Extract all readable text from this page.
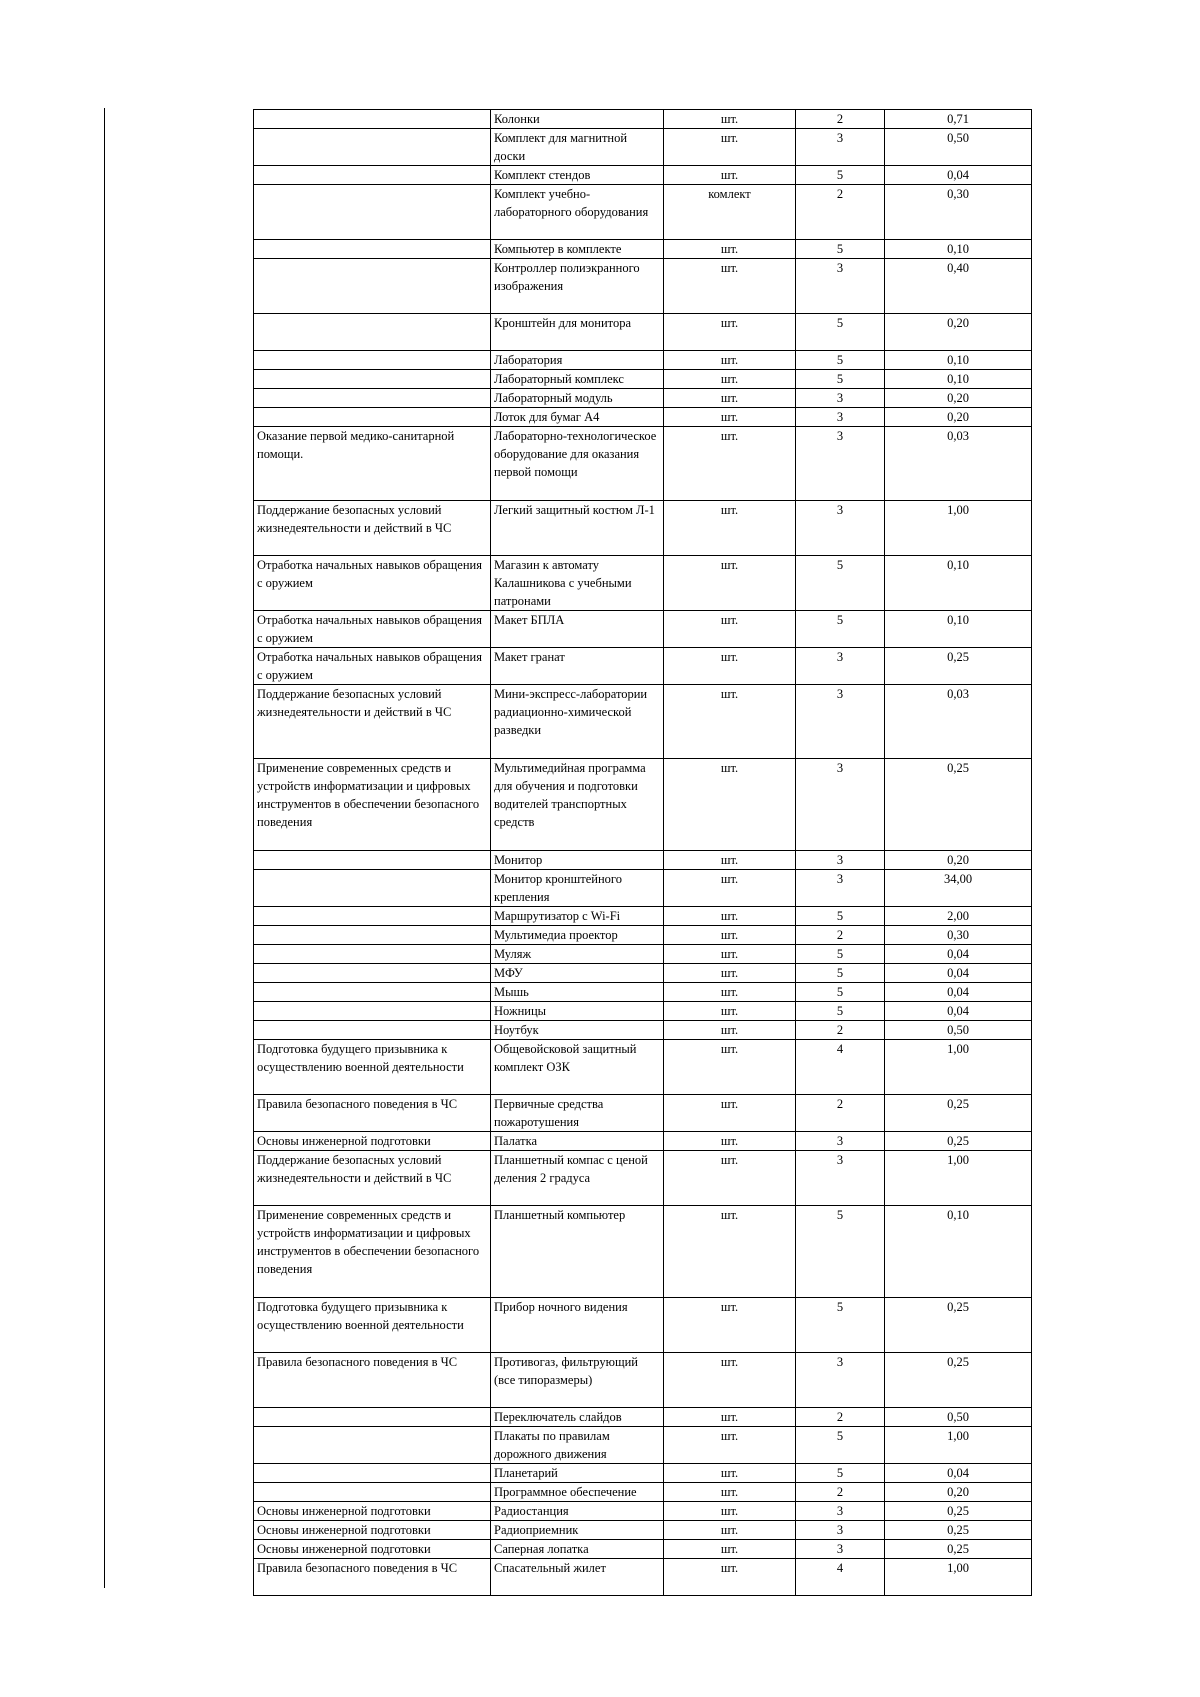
	Колонки	шт.	2	0,71
	Комплект для магнитной доски	шт.	3	0,50
	Комплект стендов	шт.	5	0,04
	Комплект учебно-лабораторного оборудования	комлект	2	0,30
	Компьютер в комплекте	шт.	5	0,10
	Контроллер полиэкранного изображения	шт.	3	0,40
	Кронштейн для монитора	шт.	5	0,20
	Лаборатория	шт.	5	0,10
	Лабораторный комплекс	шт.	5	0,10
	Лабораторный модуль	шт.	3	0,20
	Лоток для бумаг А4	шт.	3	0,20
Оказание первой медико-санитарной помощи.	Лабораторно-технологическое оборудование для оказания первой помощи	шт.	3	0,03
Поддержание безопасных условий жизнедеятельности и действий в ЧС	Легкий защитный костюм Л-1	шт.	3	1,00
Отработка начальных навыков обращения с оружием	Магазин к автомату Калашникова с учебными патронами	шт.	5	0,10
Отработка начальных навыков обращения с оружием	Макет БПЛА	шт.	5	0,10
Отработка начальных навыков обращения с оружием	Макет гранат	шт.	3	0,25
Поддержание безопасных условий жизнедеятельности и действий в ЧС	Мини-экспресс-лаборатории радиационно-химической разведки	шт.	3	0,03
Применение современных средств и устройств информатизации и цифровых инструментов в обеспечении безопасного поведения	Мультимедийная программа для обучения и подготовки водителей транспортных средств	шт.	3	0,25
	Монитор	шт.	3	0,20
	Монитор кронштейного крепления	шт.	3	34,00
	Маршрутизатор с Wi-Fi	шт.	5	2,00
	Мультимедиа проектор	шт.	2	0,30
	Муляж	шт.	5	0,04
	МФУ	шт.	5	0,04
	Мышь	шт.	5	0,04
	Ножницы	шт.	5	0,04
	Ноутбук	шт.	2	0,50
Подготовка будущего призывника к осуществлению военной деятельности	Общевойсковой защитный комплект ОЗК	шт.	4	1,00
Правила безопасного поведения в ЧС	Первичные средства пожаротушения	шт.	2	0,25
Основы инженерной подготовки	Палатка	шт.	3	0,25
Поддержание безопасных условий жизнедеятельности и действий в ЧС	Планшетный компас с ценой деления 2 градуса	шт.	3	1,00
Применение современных средств и устройств информатизации и цифровых инструментов в обеспечении безопасного поведения	Планшетный компьютер	шт.	5	0,10
Подготовка будущего призывника к осуществлению военной деятельности	Прибор ночного видения	шт.	5	0,25
Правила безопасного поведения в ЧС	Противогаз, фильтрующий (все типоразмеры)	шт.	3	0,25
	Переключатель слайдов	шт.	2	0,50
	Плакаты по правилам дорожного движения	шт.	5	1,00
	Планетарий	шт.	5	0,04
	Программное обеспечение	шт.	2	0,20
Основы инженерной подготовки	Радиостанция	шт.	3	0,25
Основы инженерной подготовки	Радиоприемник	шт.	3	0,25
Основы инженерной подготовки	Саперная лопатка	шт.	3	0,25
Правила безопасного поведения в ЧС	Спасательный жилет	шт.	4	1,00
